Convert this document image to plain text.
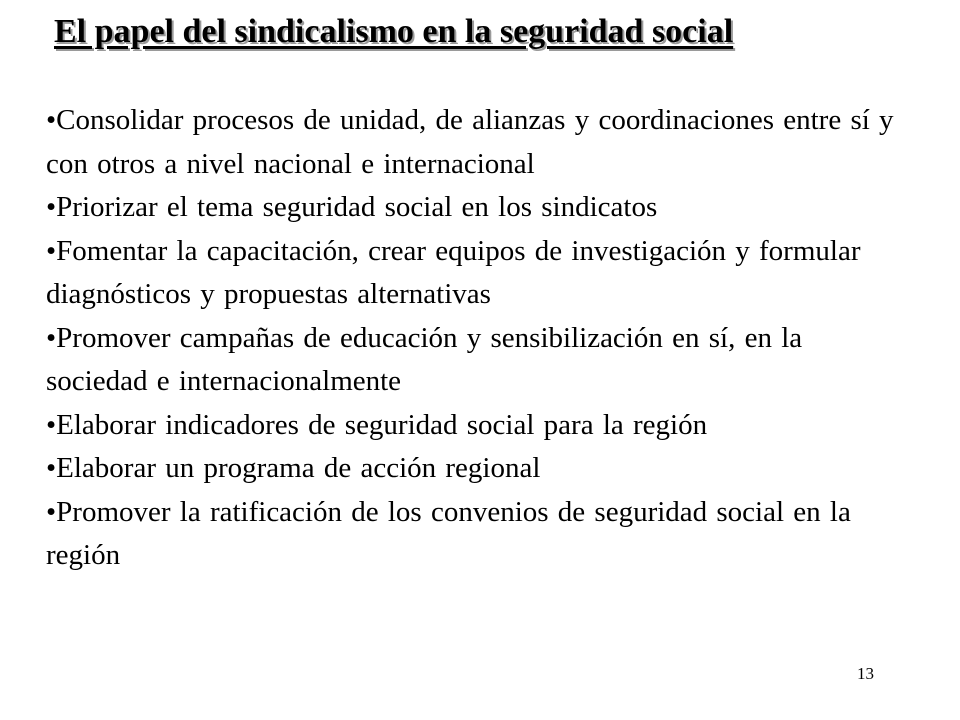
El papel del sindicalismo en la seguridad social
•Consolidar procesos de unidad, de alianzas y coordinaciones entre sí y con otros a nivel nacional e internacional
•Priorizar el tema seguridad social en los sindicatos
•Fomentar la capacitación, crear equipos de investigación y formular diagnósticos y propuestas alternativas
•Promover campañas de educación y sensibilización en sí, en la sociedad e internacionalmente
•Elaborar indicadores de seguridad social para la región
•Elaborar un programa de acción regional
•Promover la ratificación de los convenios de seguridad social en la región
13
